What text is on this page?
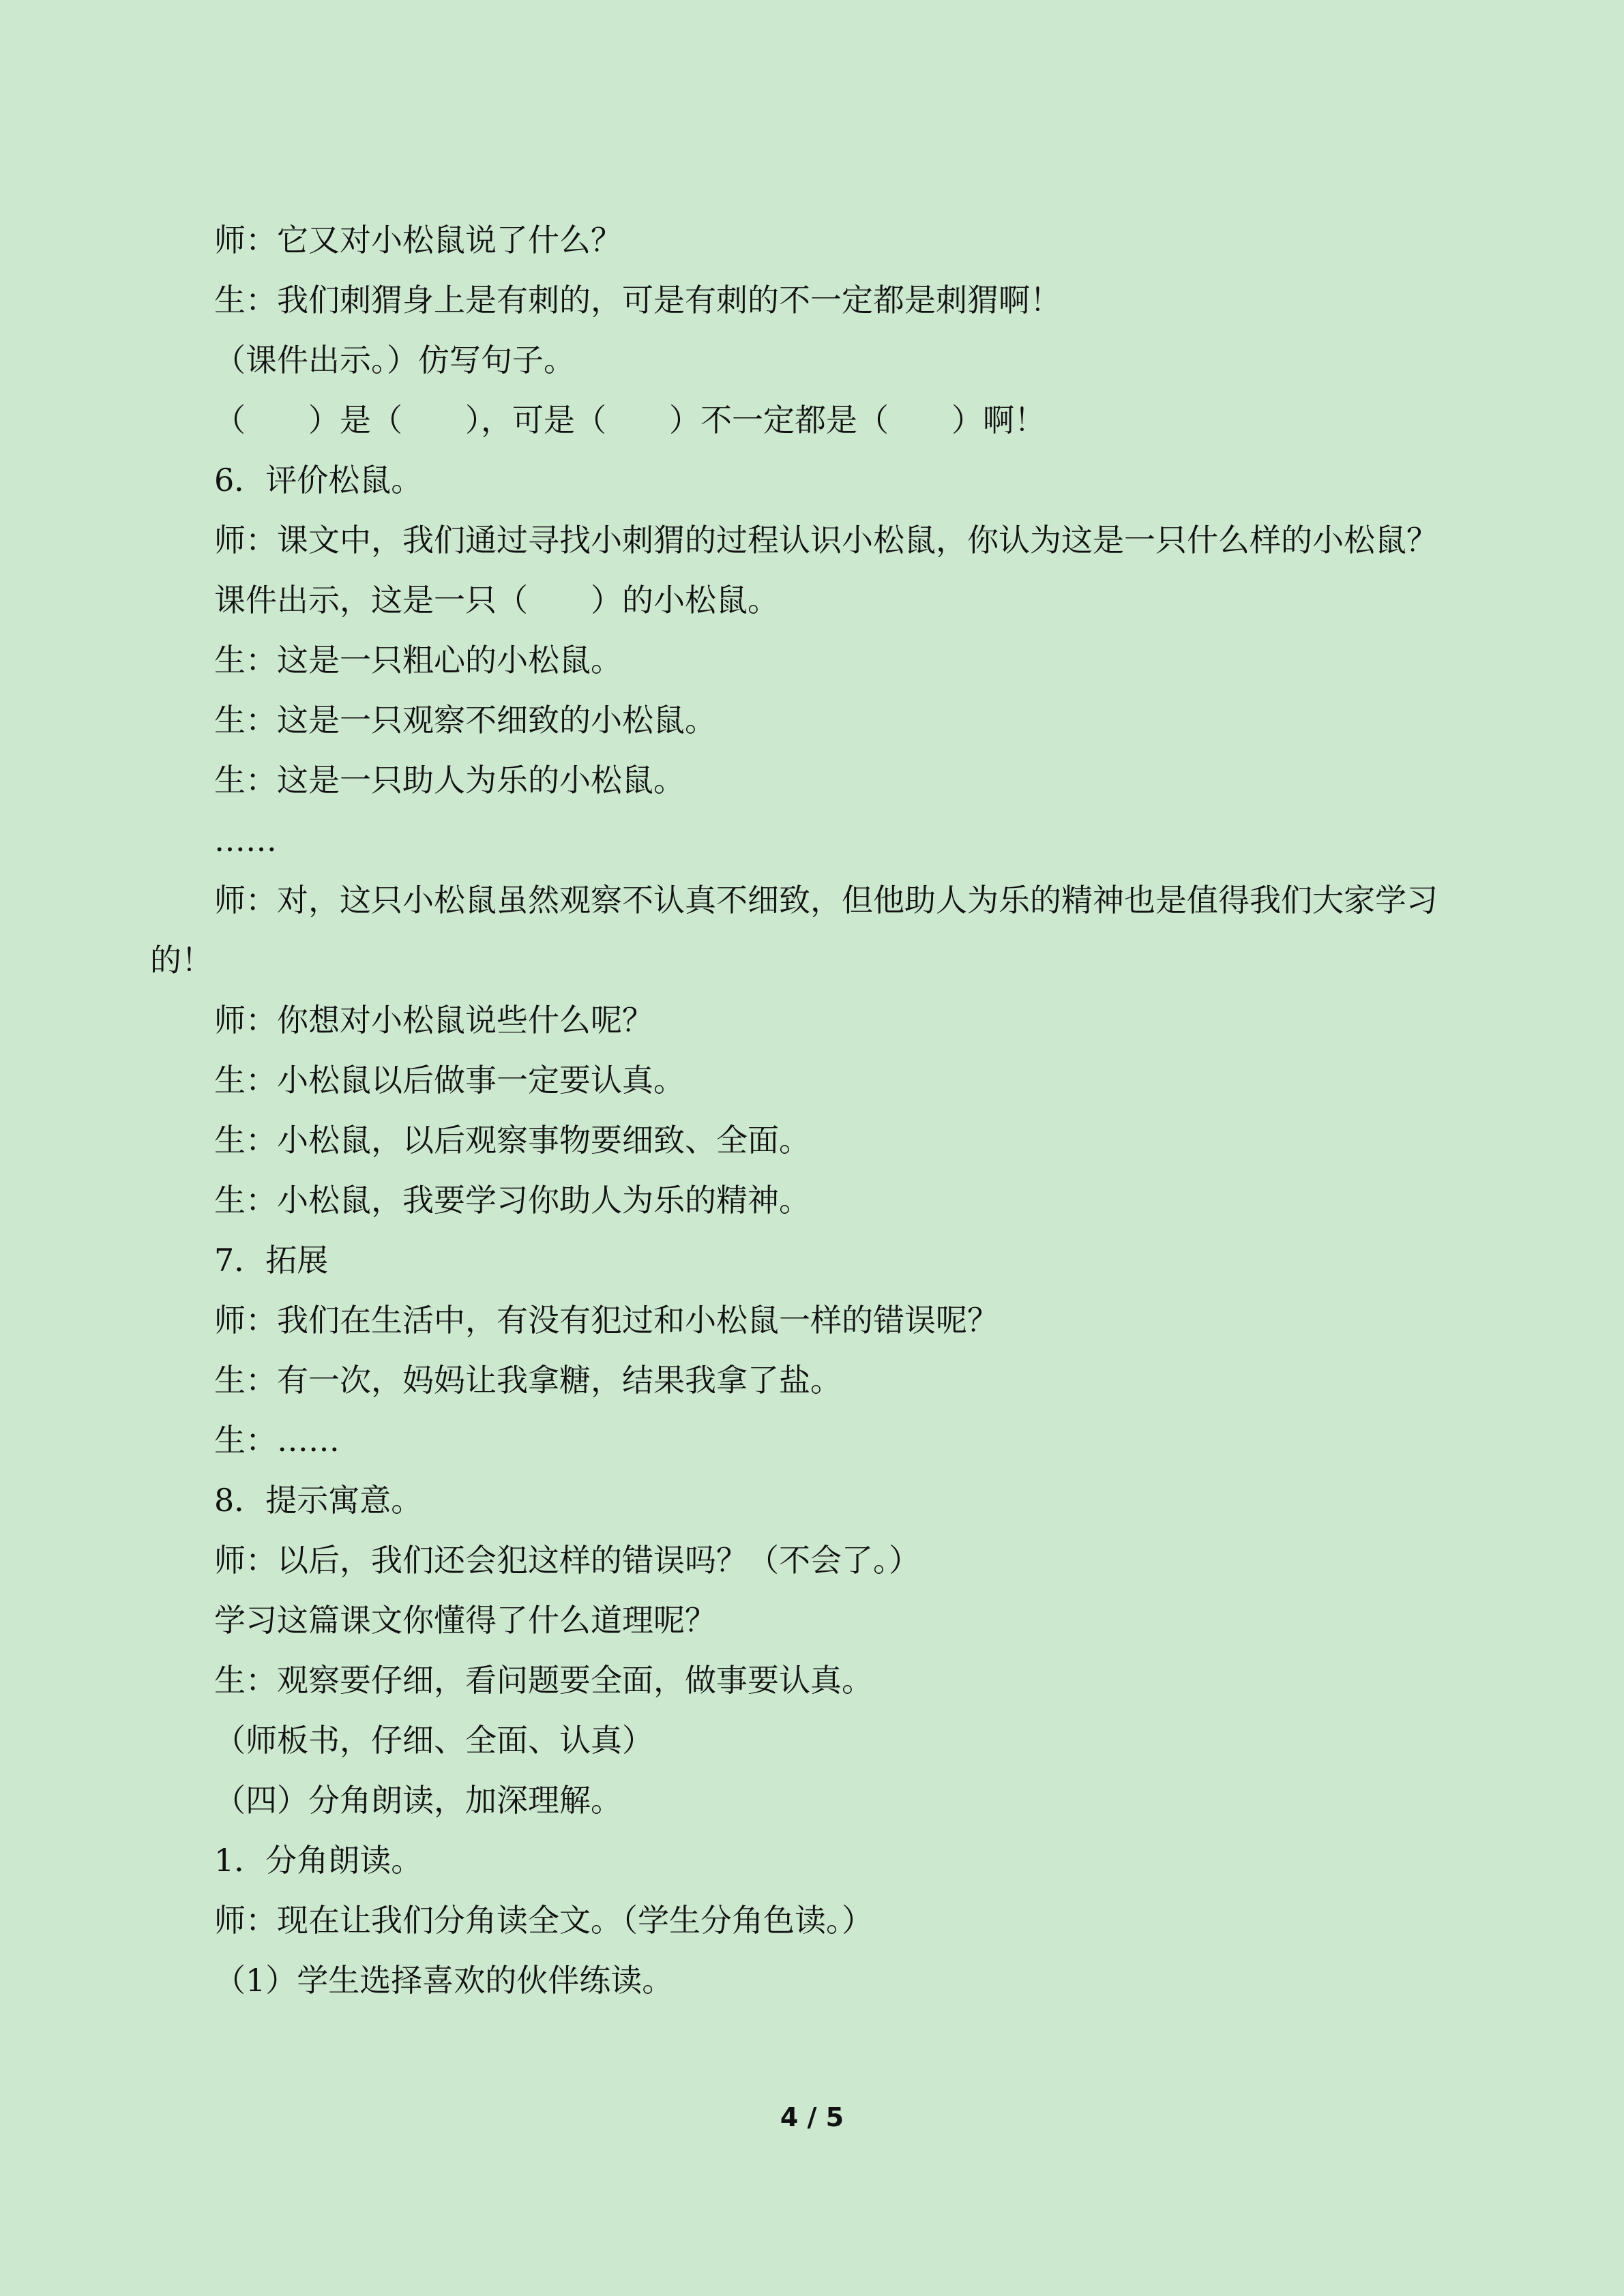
师：它又对小松鼠说了什么？

生：我们刺猬身上是有刺的，可是有刺的不一定都是刺猬啊！

（课件出示。）仿写句子。

（　　）是（　　），可是（　　）不一定都是（　　）啊！

6．评价松鼠。

师：课文中，我们通过寻找小刺猬的过程认识小松鼠，你认为这是一只什么样的小松鼠？

课件出示，这是一只（　　）的小松鼠。

生：这是一只粗心的小松鼠。

生：这是一只观察不细致的小松鼠。

生：这是一只助人为乐的小松鼠。

……

师：对，这只小松鼠虽然观察不认真不细致，但他助人为乐的精神也是值得我们大家学习的！

师：你想对小松鼠说些什么呢？

生：小松鼠以后做事一定要认真。

生：小松鼠，以后观察事物要细致、全面。

生：小松鼠，我要学习你助人为乐的精神。

7．拓展

师：我们在生活中，有没有犯过和小松鼠一样的错误呢？

生：有一次，妈妈让我拿糖，结果我拿了盐。

生：……

8．提示寓意。

师：以后，我们还会犯这样的错误吗？（不会了。）

学习这篇课文你懂得了什么道理呢？

生：观察要仔细，看问题要全面，做事要认真。

（师板书，仔细、全面、认真）

（四）分角朗读，加深理解。

1．分角朗读。

师：现在让我们分角读全文。（学生分角色读。）

（1）学生选择喜欢的伙伴练读。

4 / 5
